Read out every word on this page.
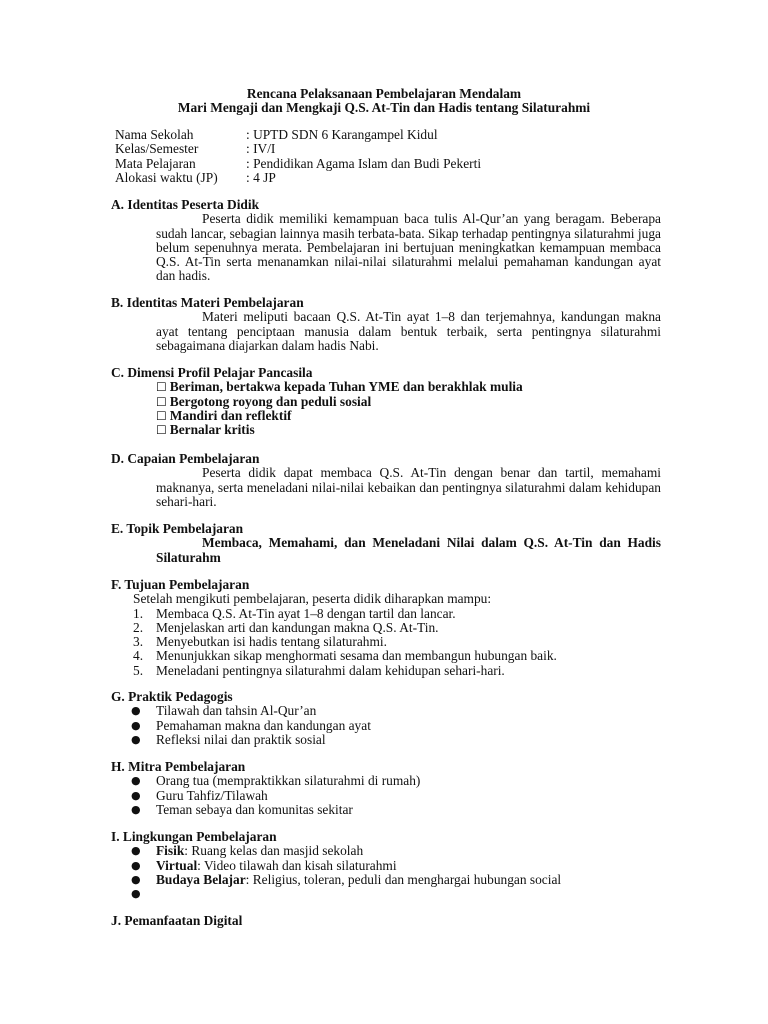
Rencana Pelaksanaan Pembelajaran Mendalam
Mari Mengaji dan Mengkaji Q.S. At-Tin dan Hadis tentang Silaturahmi
Nama Sekolah	: UPTD SDN 6 Karangampel Kidul
Kelas/Semester	: IV/I
Mata Pelajaran	: Pendidikan Agama Islam dan Budi Pekerti
Alokasi waktu (JP)	: 4 JP
A. Identitas Peserta Didik
Peserta didik memiliki kemampuan baca tulis Al-Qur’an yang beragam. Beberapa sudah lancar, sebagian lainnya masih terbata-bata. Sikap terhadap pentingnya silaturahmi juga belum sepenuhnya merata. Pembelajaran ini bertujuan meningkatkan kemampuan membaca Q.S. At-Tin serta menanamkan nilai-nilai silaturahmi melalui pemahaman kandungan ayat dan hadis.
B. Identitas Materi Pembelajaran
Materi meliputi bacaan Q.S. At-Tin ayat 1–8 dan terjemahnya, kandungan makna ayat tentang penciptaan manusia dalam bentuk terbaik, serta pentingnya silaturahmi sebagaimana diajarkan dalam hadis Nabi.
C. Dimensi Profil Pelajar Pancasila
☐ Beriman, bertakwa kepada Tuhan YME dan berakhlak mulia
☐ Bergotong royong dan peduli sosial
☐ Mandiri dan reflektif
☐ Bernalar kritis
D. Capaian Pembelajaran
Peserta didik dapat membaca Q.S. At-Tin dengan benar dan tartil, memahami maknanya, serta meneladani nilai-nilai kebaikan dan pentingnya silaturahmi dalam kehidupan sehari-hari.
E. Topik Pembelajaran
Membaca, Memahami, dan Meneladani Nilai dalam Q.S. At-Tin dan Hadis Silaturahm
F. Tujuan Pembelajaran
Setelah mengikuti pembelajaran, peserta didik diharapkan mampu:
1. Membaca Q.S. At-Tin ayat 1–8 dengan tartil dan lancar.
2. Menjelaskan arti dan kandungan makna Q.S. At-Tin.
3. Menyebutkan isi hadis tentang silaturahmi.
4. Menunjukkan sikap menghormati sesama dan membangun hubungan baik.
5. Meneladani pentingnya silaturahmi dalam kehidupan sehari-hari.
G. Praktik Pedagogis
● Tilawah dan tahsin Al-Qur’an
● Pemahaman makna dan kandungan ayat
● Refleksi nilai dan praktik sosial
H. Mitra Pembelajaran
● Orang tua (mempraktikkan silaturahmi di rumah)
● Guru Tahfiz/Tilawah
● Teman sebaya dan komunitas sekitar
I. Lingkungan Pembelajaran
● Fisik: Ruang kelas dan masjid sekolah
● Virtual: Video tilawah dan kisah silaturahmi
● Budaya Belajar: Religius, toleran, peduli dan menghargai hubungan social
●
J. Pemanfaatan Digital
